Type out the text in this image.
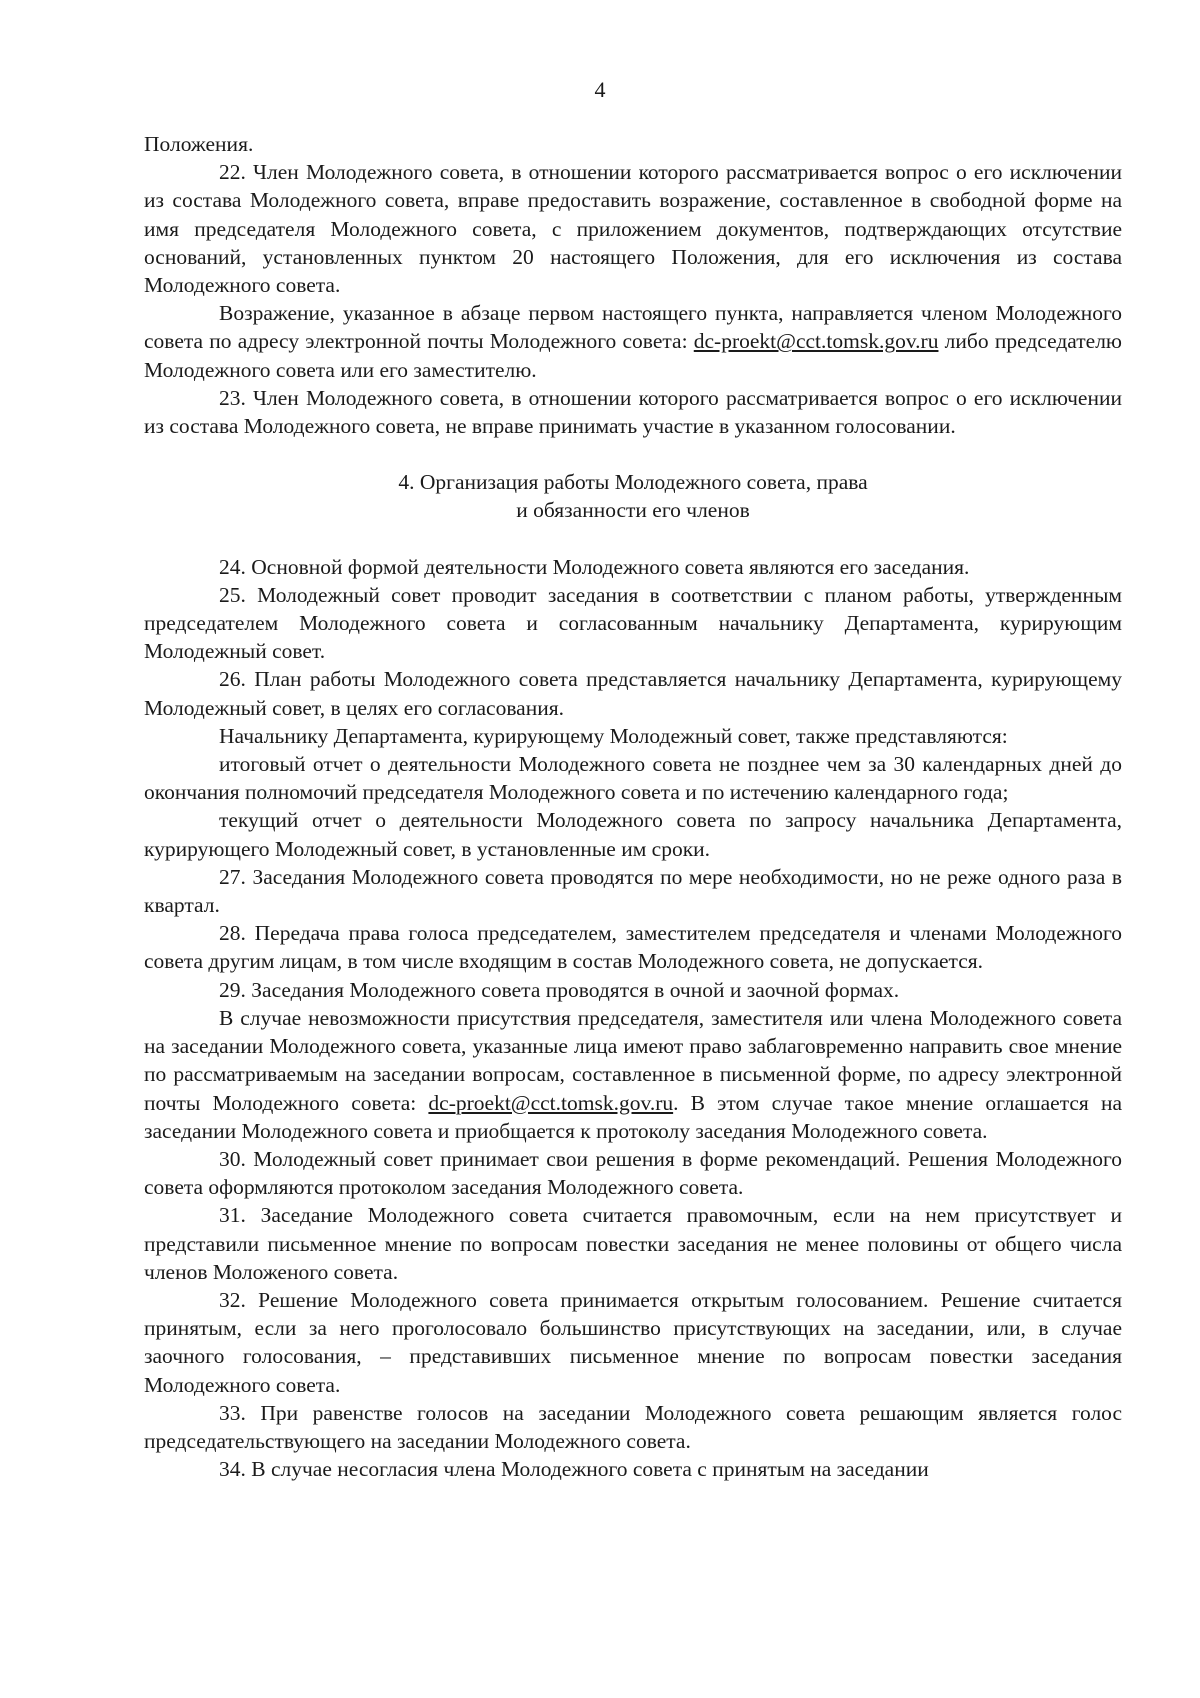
4

Положения.

22. Член Молодежного совета, в отношении которого рассматривается вопрос о его исключении из состава Молодежного совета, вправе предоставить возражение, составленное в свободной форме на имя председателя Молодежного совета, с приложением документов, подтверждающих отсутствие оснований, установленных пунктом 20 настоящего Положения, для его исключения из состава Молодежного совета.

Возражение, указанное в абзаце первом настоящего пункта, направляется членом Молодежного совета по адресу электронной почты Молодежного совета: dc-proekt@cct.tomsk.gov.ru либо председателю Молодежного совета или его заместителю.

23. Член Молодежного совета, в отношении которого рассматривается вопрос о его исключении из состава Молодежного совета, не вправе принимать участие в указанном голосовании.

4. Организация работы Молодежного совета, права
и обязанности его членов

24. Основной формой деятельности Молодежного совета являются его заседания.

25. Молодежный совет проводит заседания в соответствии с планом работы, утвержденным председателем Молодежного совета и согласованным начальнику Департамента, курирующим Молодежный совет.

26. План работы Молодежного совета представляется начальнику Департамента, курирующему Молодежный совет, в целях его согласования.

Начальнику Департамента, курирующему Молодежный совет, также представляются:

итоговый отчет о деятельности Молодежного совета не позднее чем за 30 календарных дней до окончания полномочий председателя Молодежного совета и по истечению календарного года;

текущий отчет о деятельности Молодежного совета по запросу начальника Департамента, курирующего Молодежный совет, в установленные им сроки.

27. Заседания Молодежного совета проводятся по мере необходимости, но не реже одного раза в квартал.

28. Передача права голоса председателем, заместителем председателя и членами Молодежного совета другим лицам, в том числе входящим в состав Молодежного совета, не допускается.

29. Заседания Молодежного совета проводятся в очной и заочной формах.

В случае невозможности присутствия председателя, заместителя или члена Молодежного совета на заседании Молодежного совета, указанные лица имеют право заблаговременно направить свое мнение по рассматриваемым на заседании вопросам, составленное в письменной форме, по адресу электронной почты Молодежного совета: dc-proekt@cct.tomsk.gov.ru. В этом случае такое мнение оглашается на заседании Молодежного совета и приобщается к протоколу заседания Молодежного совета.

30. Молодежный совет принимает свои решения в форме рекомендаций. Решения Молодежного совета оформляются протоколом заседания Молодежного совета.

31. Заседание Молодежного совета считается правомочным, если на нем присутствует и представили письменное мнение по вопросам повестки заседания не менее половины от общего числа членов Моложеного совета.

32. Решение Молодежного совета принимается открытым голосованием. Решение считается принятым, если за него проголосовало большинство присутствующих на заседании, или, в случае заочного голосования, – представивших письменное мнение по вопросам повестки заседания Молодежного совета.

33. При равенстве голосов на заседании Молодежного совета решающим является голос председательствующего на заседании Молодежного совета.

34. В случае несогласия члена Молодежного совета с принятым на заседании
